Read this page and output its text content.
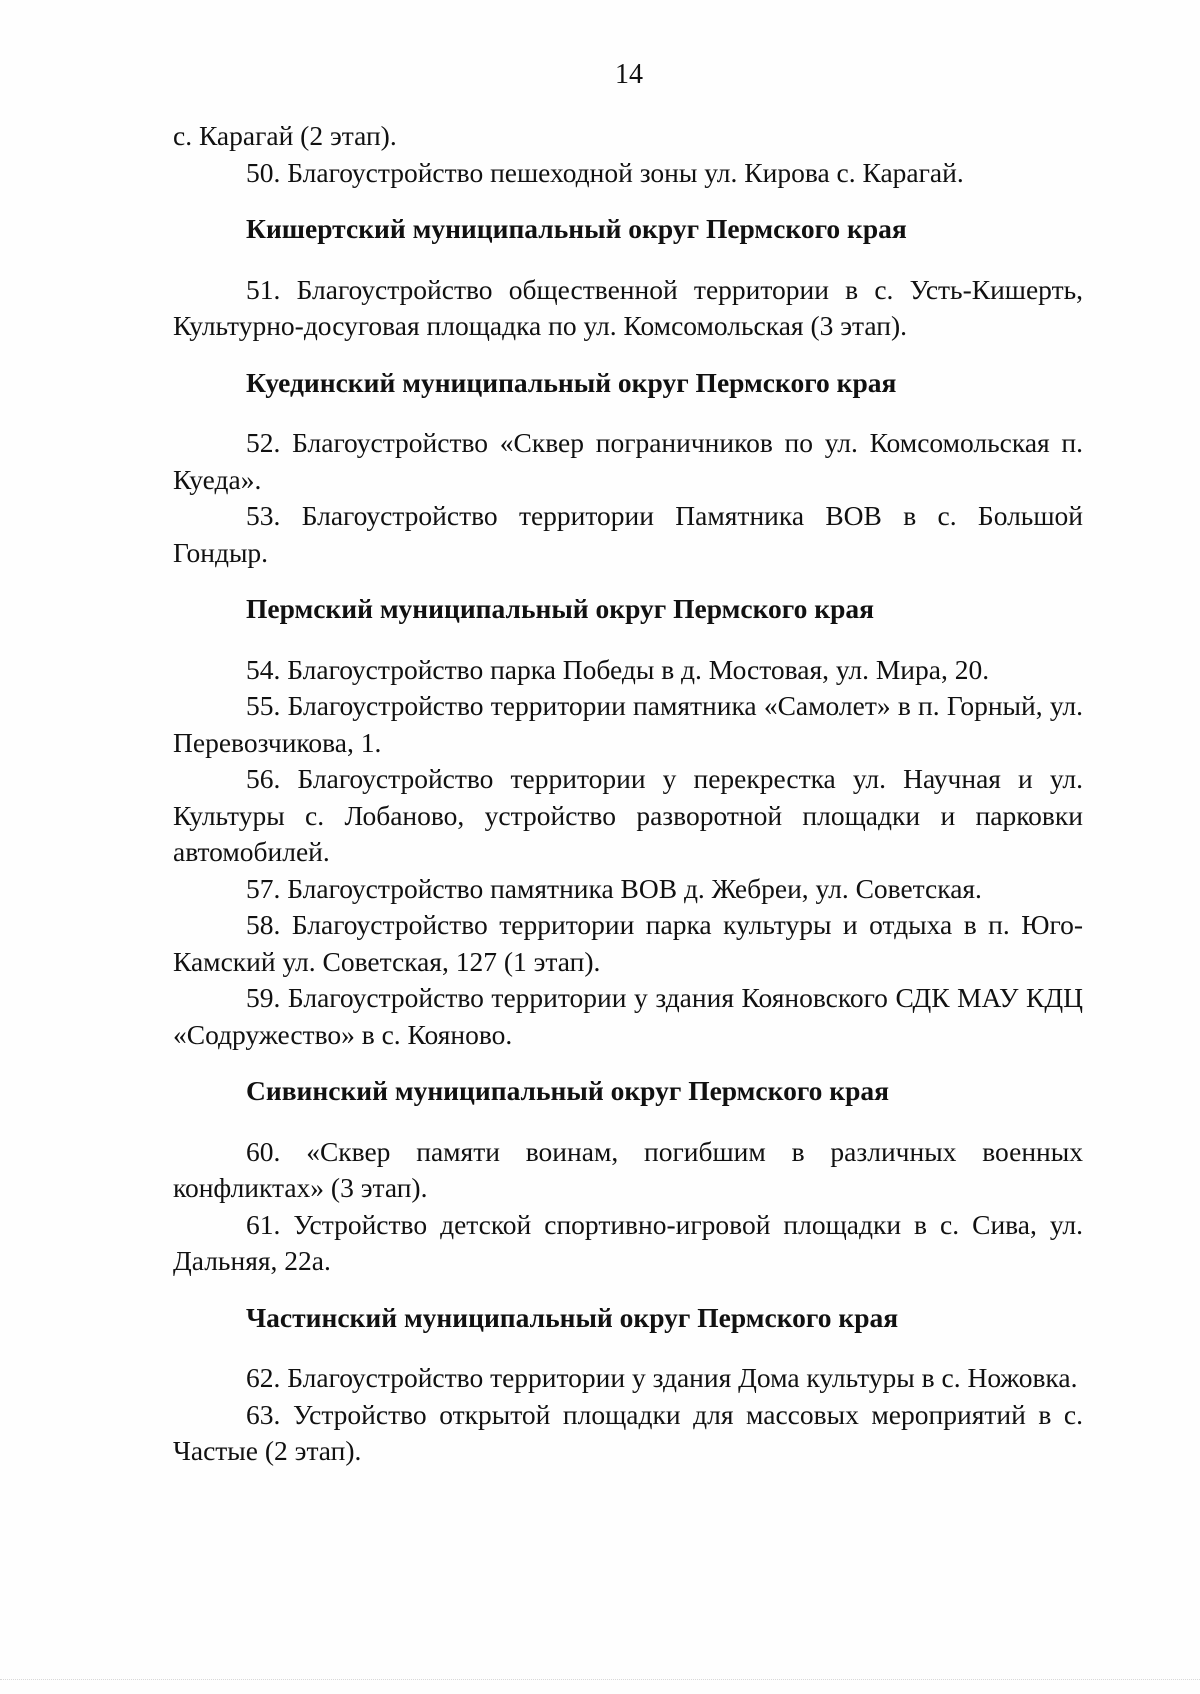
14

с. Карагай (2 этап).

50. Благоустройство пешеходной зоны ул. Кирова с. Карагай.

Кишертский муниципальный округ Пермского края

51. Благоустройство общественной территории в с. Усть-Кишерть, Культурно-досуговая площадка по ул. Комсомольская (3 этап).

Куединский муниципальный округ Пермского края

52. Благоустройство «Сквер пограничников по ул. Комсомольская п. Куеда».

53. Благоустройство территории Памятника ВОВ в с. Большой Гондыр.

Пермский муниципальный округ Пермского края

54. Благоустройство парка Победы в д. Мостовая, ул. Мира, 20.

55. Благоустройство территории памятника «Самолет» в п. Горный, ул. Перевозчикова, 1.

56. Благоустройство территории у перекрестка ул. Научная и ул. Культуры с. Лобаново, устройство разворотной площадки и парковки автомобилей.

57. Благоустройство памятника ВОВ д. Жебреи, ул. Советская.

58. Благоустройство территории парка культуры и отдыха в п. Юго-Камский ул. Советская, 127 (1 этап).

59. Благоустройство территории у здания Кояновского СДК МАУ КДЦ «Содружество» в с. Кояново.

Сивинский муниципальный округ Пермского края

60. «Сквер памяти воинам, погибшим в различных военных конфликтах» (3 этап).

61. Устройство детской спортивно-игровой площадки в с. Сива, ул. Дальняя, 22а.

Частинский муниципальный округ Пермского края

62. Благоустройство территории у здания Дома культуры в с. Ножовка.

63. Устройство открытой площадки для массовых мероприятий в с. Частые (2 этап).
